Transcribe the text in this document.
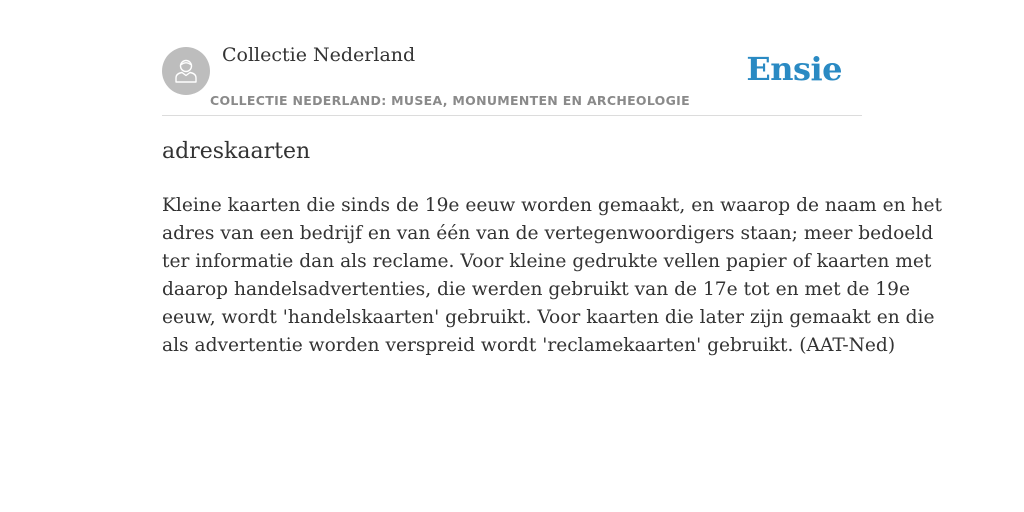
Collectie Nederland
COLLECTIE NEDERLAND: MUSEA, MONUMENTEN EN ARCHEOLOGIE
Ensie
adreskaarten

Kleine kaarten die sinds de 19e eeuw worden gemaakt, en waarop de naam en het
adres van een bedrijf en van één van de vertegenwoordigers staan; meer bedoeld
ter informatie dan als reclame. Voor kleine gedrukte vellen papier of kaarten met
daarop handelsadvertenties, die werden gebruikt van de 17e tot en met de 19e
eeuw, wordt 'handelskaarten' gebruikt. Voor kaarten die later zijn gemaakt en die
als advertentie worden verspreid wordt 'reclamekaarten' gebruikt. (AAT-Ned)
